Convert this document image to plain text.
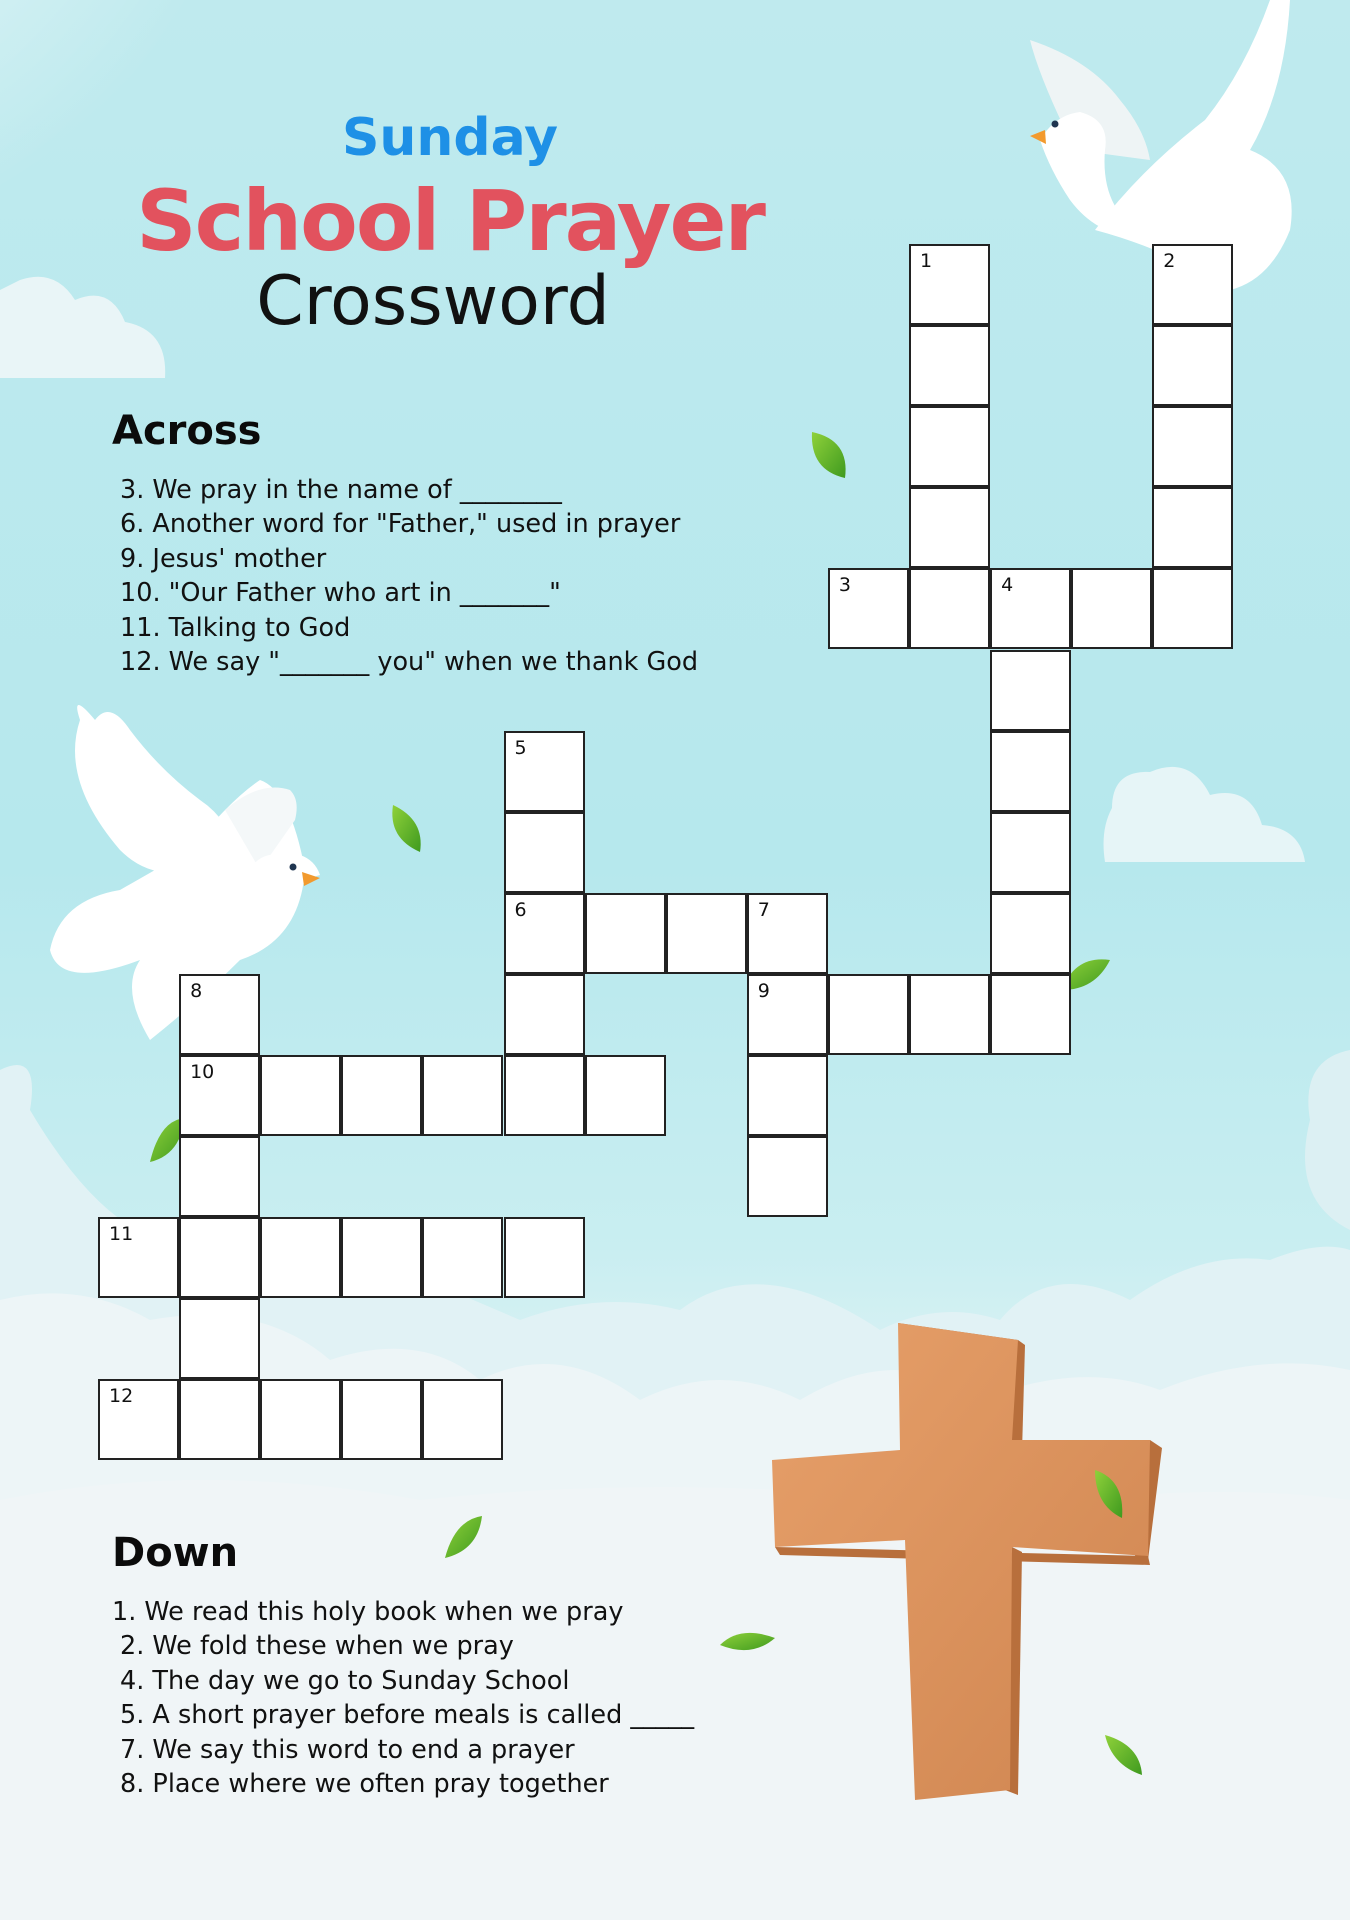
Sunday
School Prayer
Crossword
Across
3. We pray in the name of ________
6. Another word for "Father," used in prayer
9. Jesus' mother
10. "Our Father who art in _______"
11. Talking to God
12. We say "_______ you" when we thank God
Down
1. We read this holy book when we pray
2. We fold these when we pray
4. The day we go to Sunday School
5. A short prayer before meals is called _____
7. We say this word to end a prayer
8. Place where we often pray together
1	2
3	4
5
6	7
9
8
10
11
12
